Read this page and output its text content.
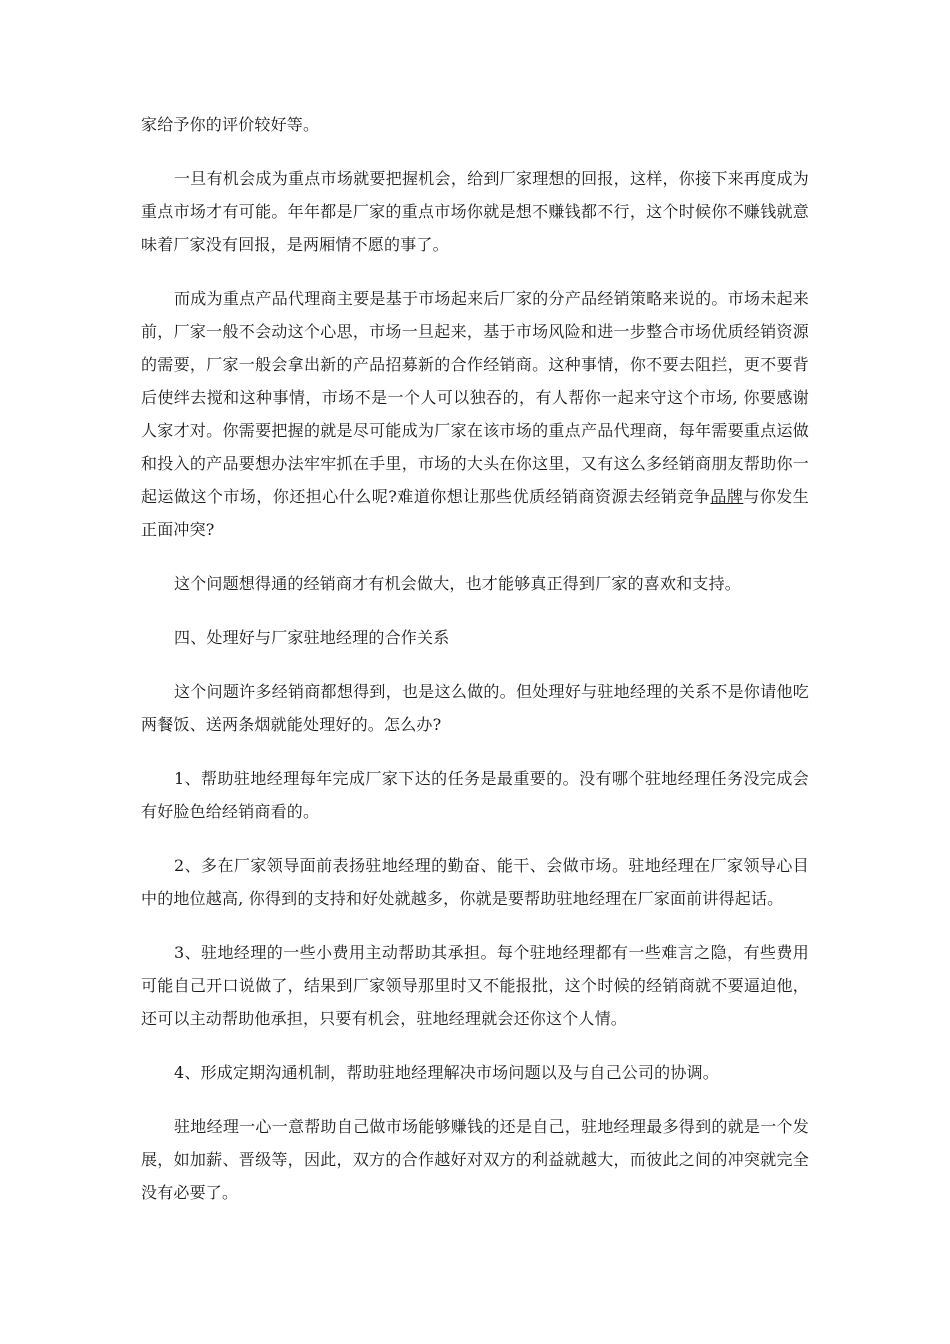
家给予你的评价较好等。

一旦有机会成为重点市场就要把握机会，给到厂家理想的回报，这样，你接下来再度成为重点市场才有可能。年年都是厂家的重点市场你就是想不赚钱都不行，这个时候你不赚钱就意味着厂家没有回报，是两厢情不愿的事了。

而成为重点产品代理商主要是基于市场起来后厂家的分产品经销策略来说的。市场未起来前，厂家一般不会动这个心思，市场一旦起来，基于市场风险和进一步整合市场优质经销资源的需要，厂家一般会拿出新的产品招募新的合作经销商。这种事情，你不要去阻拦，更不要背后使绊去搅和这种事情，市场不是一个人可以独吞的，有人帮你一起来守这个市场, 你要感谢人家才对。你需要把握的就是尽可能成为厂家在该市场的重点产品代理商，每年需要重点运做和投入的产品要想办法牢牢抓在手里，市场的大头在你这里，又有这么多经销商朋友帮助你一起运做这个市场，你还担心什么呢?难道你想让那些优质经销商资源去经销竞争品牌与你发生正面冲突?

这个问题想得通的经销商才有机会做大，也才能够真正得到厂家的喜欢和支持。

四、处理好与厂家驻地经理的合作关系

这个问题许多经销商都想得到，也是这么做的。但处理好与驻地经理的关系不是你请他吃两餐饭、送两条烟就能处理好的。怎么办?

1、帮助驻地经理每年完成厂家下达的任务是最重要的。没有哪个驻地经理任务没完成会有好脸色给经销商看的。

2、多在厂家领导面前表扬驻地经理的勤奋、能干、会做市场。驻地经理在厂家领导心目中的地位越高, 你得到的支持和好处就越多，你就是要帮助驻地经理在厂家面前讲得起话。

3、驻地经理的一些小费用主动帮助其承担。每个驻地经理都有一些难言之隐，有些费用可能自己开口说做了，结果到厂家领导那里时又不能报批，这个时候的经销商就不要逼迫他，还可以主动帮助他承担，只要有机会，驻地经理就会还你这个人情。

4、形成定期沟通机制，帮助驻地经理解决市场问题以及与自己公司的协调。

驻地经理一心一意帮助自己做市场能够赚钱的还是自己，驻地经理最多得到的就是一个发展，如加薪、晋级等，因此，双方的合作越好对双方的利益就越大，而彼此之间的冲突就完全没有必要了。
